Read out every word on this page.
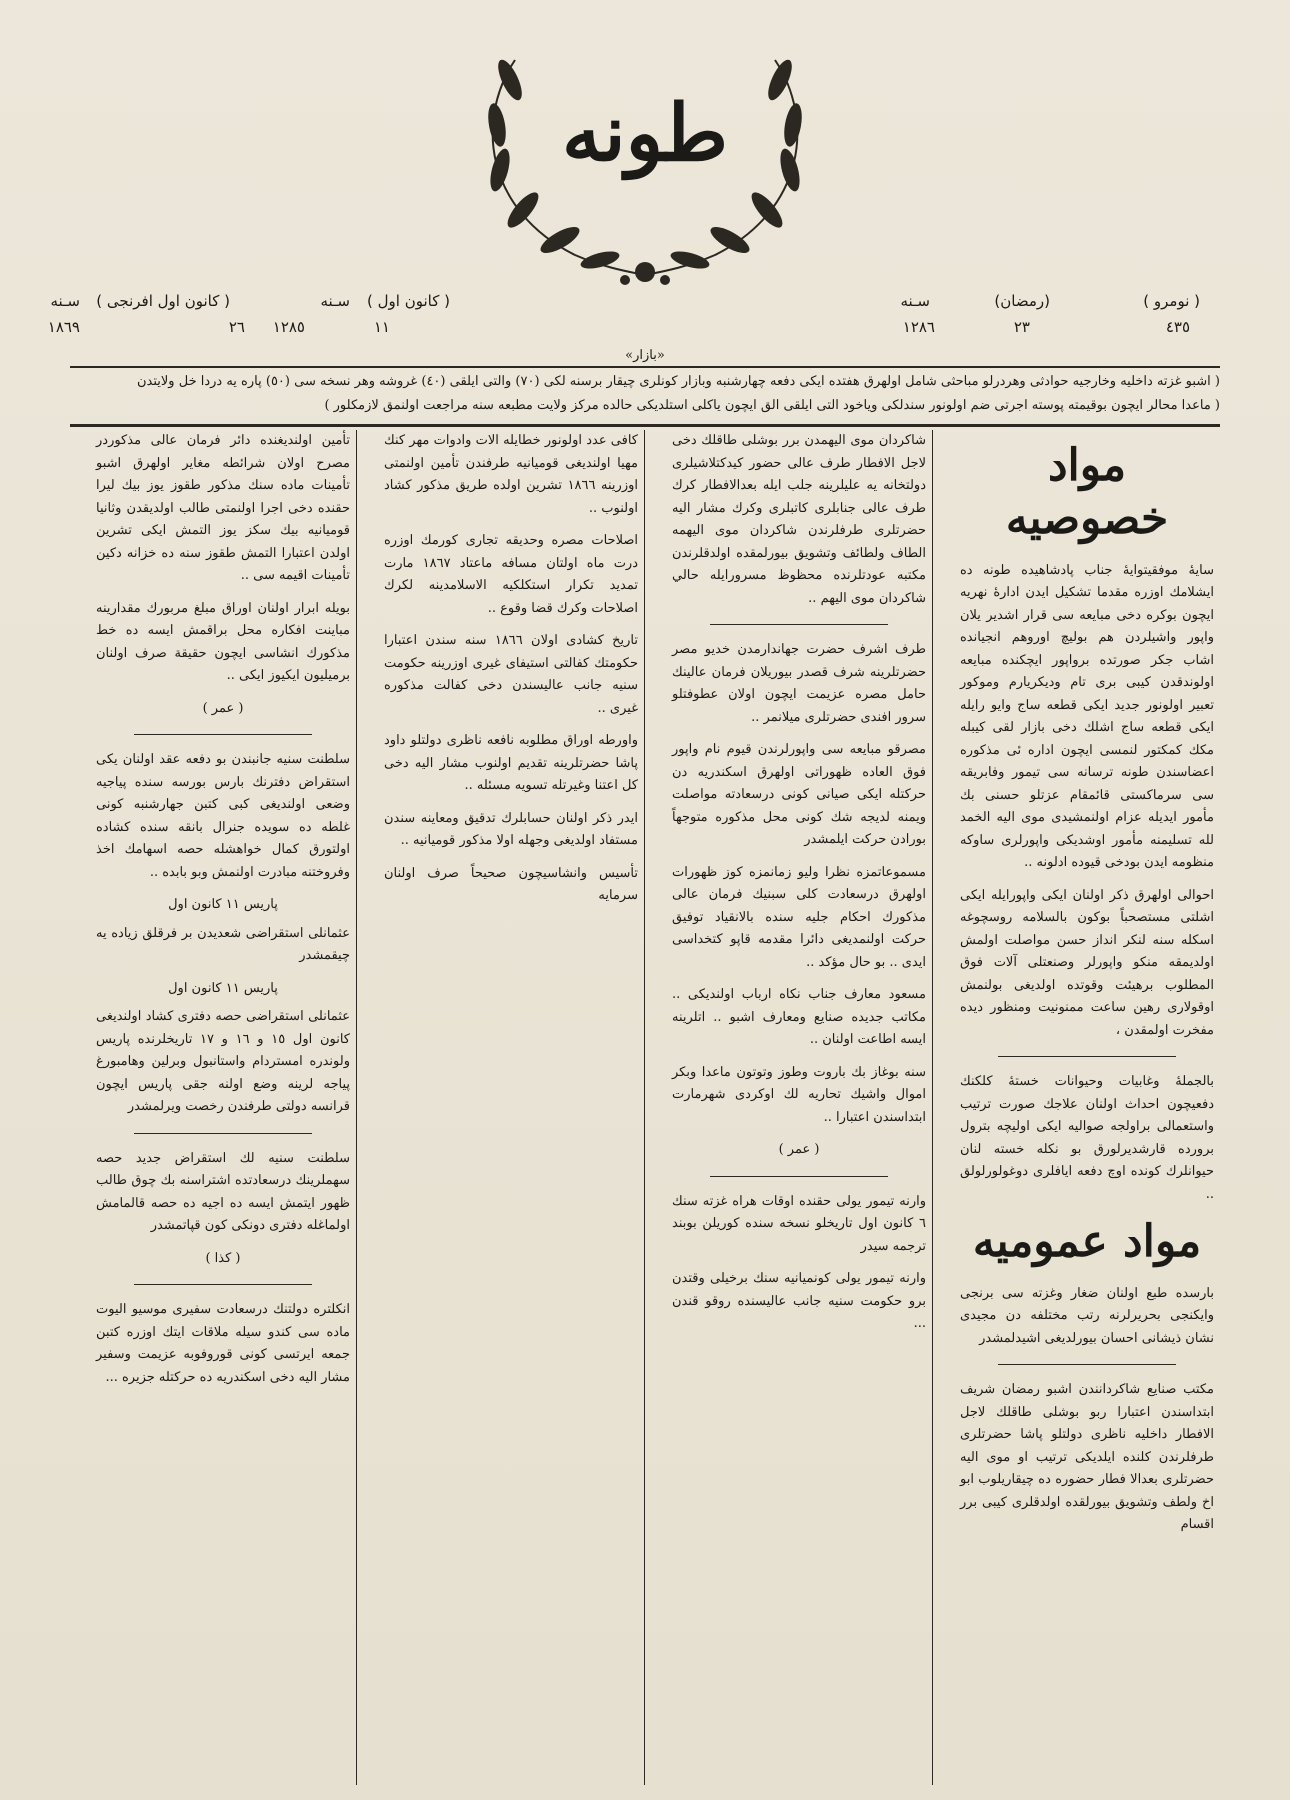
طونه
( نومرو )
٤٣٥
(رمضان)
٢٣
سـنه
١٢٨٦
( كانون اول )
١١
سـنه
١٢٨٥
( كانون اول افرنجى )
٢٦
سـنه
١٨٦٩
«بازار»
( اشبو غزته داخليه وخارجيه حوادثى وهردرلو مباحثى شامل اولهرق هفتده ايكى دفعه چهارشنبه وبازار كونلرى چيقار برسنه لكى (٧٠) والتى ايلقى (٤٠) غروشه وهر نسخه سى (٥٠) پاره يه دردا خل ولايتدن
( ماعدا محالر ايچون بوقيمته پوسته اجرتى ضم اولونور سندلكى وياخود التى ايلقى الق ايچون ياكلى استلديكى حالده مركز ولايت مطبعه سنه مراجعت اولنمق لازمكلور )
مواد خصوصيه

سايۀ موفقيتوايۀ جناب پادشاهيده طونه ده ايشلامك اوزره مقدما تشكيل ايدن ادارۀ نهريه ايچون بوكره دخى مبايعه سى قرار اشدير يلان واپور واشيلردن هم بوليچ اوروهم انجيانده اشاب جكر صورتده برواپور ايچكنده مبايعه اولوندقدن كيبى برى تام وديكريارم وموكور تعبير اولونور جديد ايكى قطعه ساج وايو رايله ايكى قطعه ساج اشلك دخى بازار لقى كيبله مكك كمكتور لنمسى ايچون اداره ئى مذكوره اعضاسندن طونه ترسانه سى تيمور وفابريقه سى سرماكستى قائمقام عزتلو حسنى بك مأمور ايديله عزام اولنمشيدى موى اليه الخمد لله تسليمنه مأمور اوشديكى واپورلرى ساوكه منظومه ايدن بودخى قيوده ادلونه ..

احوالى اولهرق ذكر اولنان ايكى واپورايله ايكى اشلتى مستصحباً بوكون بالسلامه روسچوغه اسكله سنه لنكر انداز حسن مواصلت اولمش اولديمقه منكو واپورلر وصنعتلى آلات فوق المطلوب برهيئت وقوتده اولديغى بولنمش اوقولارى رهين ساعت ممنونيت ومنظور ديده مفخرت اولمقدن ،

بالجملۀ وغابيات وحيوانات خستۀ كلكنك دفعيچون احداث اولنان علاجك صورت ترتيب واستعمالى براولجه صواليه ايكى اوليچه بترول برورده قارشديرلورق بو نكله خسته لنان حيوانلرك كونده اوچ دفعه ايافلرى دوغولورلولق ..

مواد عموميه

بارسده طبع اولنان ضغار وغزته سى برنجى وايكنجى بحريرلرنه رتب مختلفه دن مجيدى نشان ذيشانى احسان بيورلديغى اشيدلمشدر

مكتب صنايع شاكردانندن اشبو رمضان شريف ابتداسندن اعتبارا ربو بوشلى طاقلك لاجل الافطار داخليه ناظرى دولتلو پاشا حضرتلرى طرفلرندن كلنده ايلديكى ترتيب او موى اليه حضرتلرى بعدالا فطار حضوره ده چيقاريلوب ابو اخ ولطف وتشويق بيورلقده اولدقلرى كيبى برر اقسام

شاكردان موى اليهمدن برر بوشلى طاقلك دخى لاجل الافطار طرف عالى حضور كيدكتلاشيلرى دولتخانه يه عليلرينه جلب ايله بعدالافطار كرك طرف عالى جنابلرى كاتبلرى وكرك مشار اليه حضرتلرى طرفلرندن شاكردان موى اليهمه الطاف ولطائف وتشويق بيورلمقده اولدقلرندن مكتبه عودتلرنده محظوظ مسرورايله حالي شاكردان موى اليهم ..

طرف اشرف حضرت جهاندارمدن خديو مصر حضرتلرينه شرف قصدر بيوريلان فرمان عالينك حامل مصره عزيمت ايچون اولان عطوفتلو سرور افندى حضرتلرى ميلانمر ..

مصرقو مبايعه سى واپورلرندن قيوم نام واپور فوق العاده ظهوراتى اولهرق اسكندريه دن حركتله ايكى صيانى كونى درسعادته مواصلت ويمنه لديجه شك كونى محل مذكوره متوجهاً بورادن حركت ايلمشدر

مسموعاتمزه نظرا وليو زمانمزه كوز ظهورات اولهرق درسعادت كلى سبنيك فرمان عالى مذكورك احكام جليه سنده بالانقياد توفيق حركت اولنمديغى دائرا مقدمه قاپو كتخداسى ايدى .. بو حال مؤكد ..

مسعود معارف جناب نكاه ارباب اولنديكى .. مكاتب جديده صنايع ومعارف اشبو .. اتلرينه ايسه اطاعت اولنان ..

سنه بوغاز بك باروت وطوز وتوتون ماعدا وبكر اموال واشيك تحاريه لك اوكردى شهرمارت ابتداسندن اعتبارا ..

( عمر )

وارنه تيمور يولى حقنده اوقات هراه غزته سنك ٦ كانون اول تاريخلو نسخه سنده كوريلن بوبند ترجمه سيدر

وارنه تيمور يولى كونميانيه سنك برخيلى وقتدن برو حكومت سنيه جانب عاليسنده روقو قندن ...

كافى عدد اولونور خطايله الات وادوات مهر كنك مهيا اولنديغى قوميانيه طرفندن تأمين اولنمتى اوزرينه ١٨٦٦ تشرين اولده طريق مذكور كشاد اولنوب ..

اصلاحات مصره وحديقه تجارى كورمك اوزره درت ماه اولتان مسافه ماعتاد ١٨٦٧ مارت تمديد تكرار استكلكيه الاسلامدينه لكرك اصلاحات وكرك قضا وقوع ..

تاريخ كشادى اولان ١٨٦٦ سنه سندن اعتبارا حكومتك كفالتى استيفاى غيرى اوزرينه حكومت سنيه جانب عاليسندن دخى كفالت مذكوره غيرى ..

واورطه اوراق مطلوبه نافعه ناظرى دولتلو داود پاشا حضرتلرينه تقديم اولنوب مشار اليه دخى كل اعتنا وغيرتله تسويه مسئله ..

ايدر ذكر اولنان حسابلرك تدقيق ومعاينه سندن مستفاد اولديغى وجهله اولا مذكور قوميانيه ..

تأسيس وانشاسيچون صحيحاً صرف اولنان سرمايه

تأمين اولنديغنده دائر فرمان عالى مذكوردر مصرح اولان شرائطه مغاير اولهرق اشبو تأمينات ماده سنك مذكور طقوز يوز بيك ليرا حقنده دخى اجرا اولنمتى طالب اولديقدن وثانيا قوميانيه بيك سكز يوز التمش ايكى تشرين اولدن اعتبارا التمش طقوز سنه ده خزانه دكين تأمينات اقيمه سى ..

بويله ابرار اولنان اوراق مبلغ مربورك مقدارينه مباينت افكاره محل براقمش ايسه ده خط مذكورك انشاسى ايچون حقيقة صرف اولنان برميليون ايكيوز ايكى ..

( عمر )

سلطنت سنيه جانبندن بو دفعه عقد اولنان يكى استقراض دفترنك بارس بورسه سنده پياجيه وضعى اولنديغى كبى كتبن جهارشنبه كونى غلطه ده سويده جنرال بانقه سنده كشاده اولتورق كمال خواهشله حصه اسهامك اخذ وفروختنه مبادرت اولنمش وبو بابده ..

پاريس ١١ كانون اول

عثمانلى استقراضى شعديدن بر فرقلق زياده يه چيقمشدر

پاريس ١١ كانون اول

عثمانلى استقراضى حصه دفترى كشاد اولنديغى كانون اول ١٥ و ١٦ و ١٧ تاريخلرنده پاريس ولوندره امستردام واستانبول وبرلين وهامبورغ پياجه لرينه وضع اولنه جقى پاريس ايچون قرانسه دولتى طرفندن رخصت ويرلمشدر

سلطنت سنيه لك استقراض جديد حصه سهملرينك درسعادتده اشتراسنه بك چوق طالب ظهور ايتمش ايسه ده اجيه ده حصه قالمامش اولماغله دفترى دونكى كون قپاتمشدر

( كذا )

انكلتره دولتنك درسعادت سفيرى موسيو اليوت ماده سى كندو سيله ملاقات ايتك اوزره كتبن جمعه ايرتسى كونى قوروفوبه عزيمت وسفير مشار اليه دخى اسكندريه ده حركتله جزيره ...
